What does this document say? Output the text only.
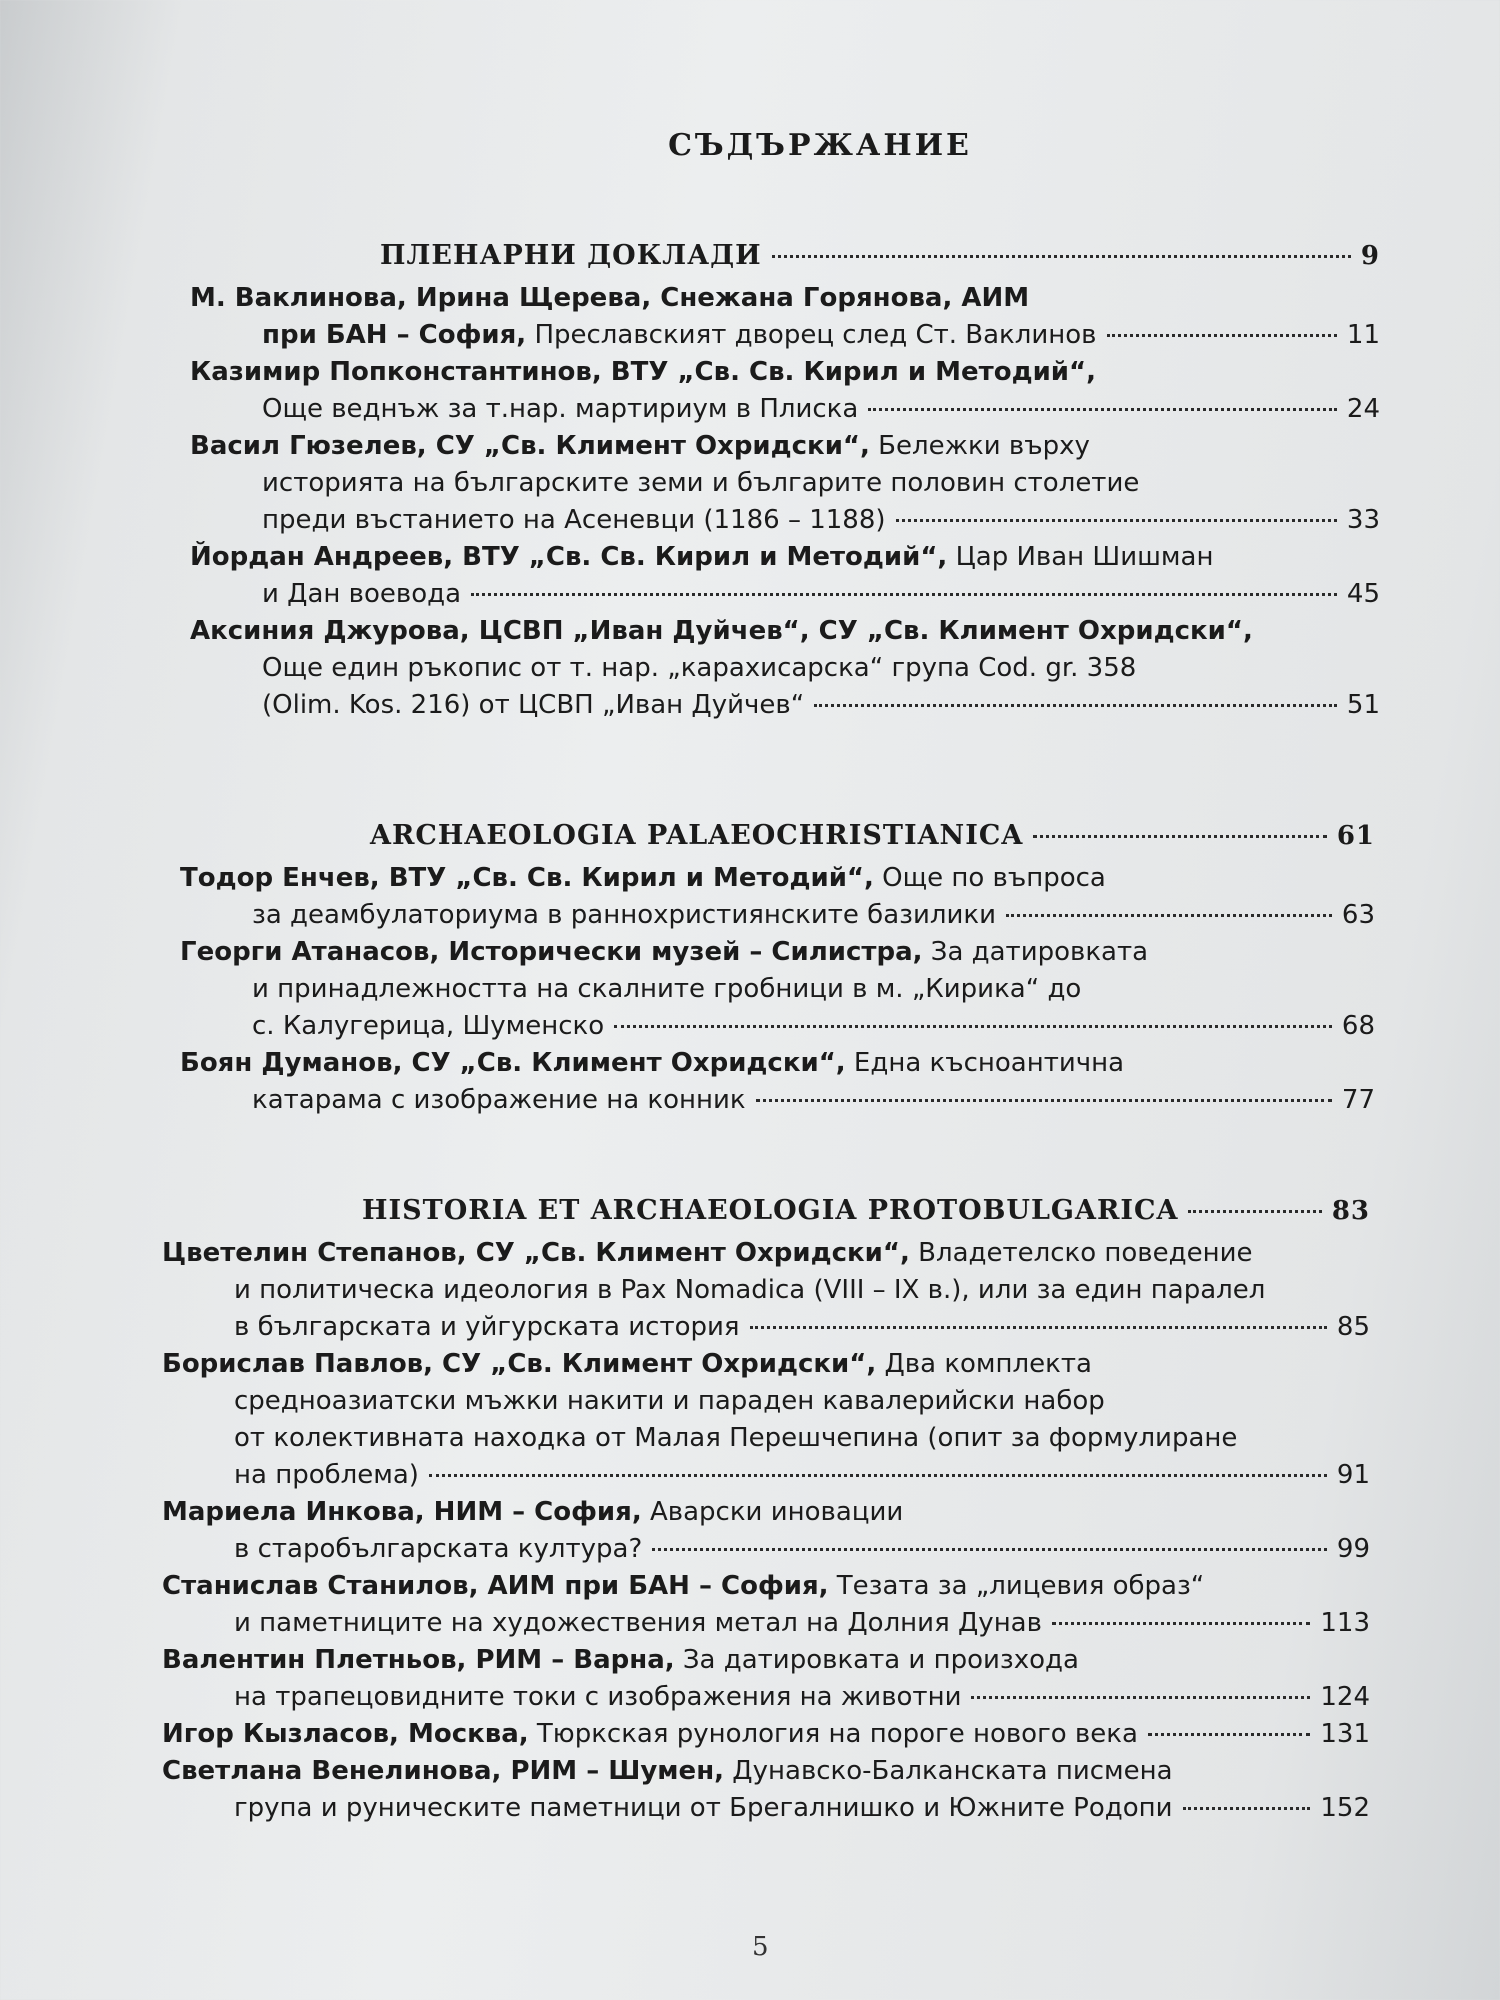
СЪДЪРЖАНИЕ
ПЛЕНАРНИ ДОКЛАДИ	9
М. Ваклинова, Ирина Щерева, Снежана Горянова, АИМ
при БАН – София, Преславският дворец след Ст. Ваклинов	11
Казимир Попконстантинов, ВТУ „Св. Св. Кирил и Методий“,
Още веднъж за т.нар. мартириум в Плиска	24
Васил Гюзелев, СУ „Св. Климент Охридски“, Бележки върху
историята на българските земи и българите половин столетие
преди въстанието на Асеневци (1186 – 1188)	33
Йордан Андреев, ВТУ „Св. Св. Кирил и Методий“, Цар Иван Шишман
и Дан воевода	45
Аксиния Джурова, ЦСВП „Иван Дуйчев“, СУ „Св. Климент Охридски“,
Още един ръкопис от т. нар. „карахисарска“ група Cod. gr. 358
(Olim. Kos. 216) от ЦСВП „Иван Дуйчев“	51
ARCHAEOLOGIA PALAEOCHRISTIANICA	61
Тодор Енчев, ВТУ „Св. Св. Кирил и Методий“, Още по въпроса
за деамбулаториума в раннохристиянските базилики	63
Георги Атанасов, Исторически музей – Силистра, За датировката
и принадлежността на скалните гробници в м. „Кирика“ до
с. Калугерица, Шуменско	68
Боян Думанов, СУ „Св. Климент Охридски“, Една късноантична
катарама с изображение на конник	77
HISTORIA ET ARCHAEOLOGIA PROTOBULGARICA	83
Цветелин Степанов, СУ „Св. Климент Охридски“, Владетелско поведение
и политическа идеология в Pax Nomadica (VIII – IX в.), или за един паралел
в българската и уйгурската история	85
Борислав Павлов, СУ „Св. Климент Охридски“, Два комплекта
средноазиатски мъжки накити и параден кавалерийски набор
от колективната находка от Малая Перешчепина (опит за формулиране
на проблема)	91
Мариела Инкова, НИМ – София, Аварски иновации
в старобългарската култура?	99
Станислав Станилов, АИМ при БАН – София, Тезата за „лицевия образ“
и паметниците на художествения метал на Долния Дунав	113
Валентин Плетньов, РИМ – Варна, За датировката и произхода
на трапецовидните токи с изображения на животни	124
Игор Кызласов, Москва, Тюркская рунология на пороге нового века	131
Светлана Венелинова, РИМ – Шумен, Дунавско-Балканската писмена
група и руническите паметници от Брегалнишко и Южните Родопи	152
5
